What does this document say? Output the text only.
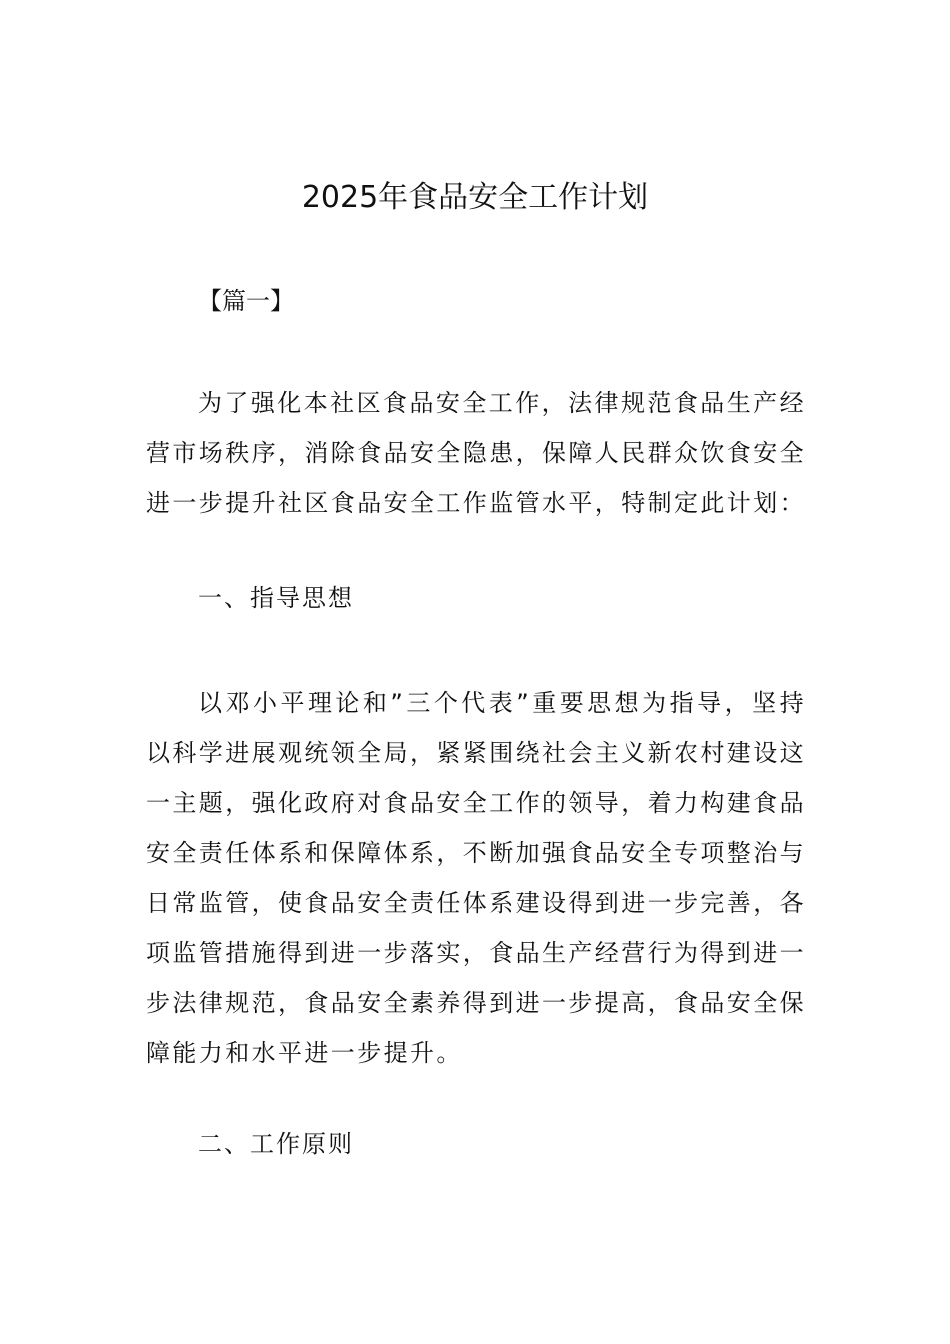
2025年食品安全工作计划
【篇一】

为了强化本社区食品安全工作，法律规范食品生产经营市场秩序，消除食品安全隐患，保障人民群众饮食安全进一步提升社区食品安全工作监管水平，特制定此计划：

一、指导思想

以邓小平理论和”三个代表”重要思想为指导，坚持以科学进展观统领全局，紧紧围绕社会主义新农村建设这一主题，强化政府对食品安全工作的领导，着力构建食品安全责任体系和保障体系，不断加强食品安全专项整治与日常监管，使食品安全责任体系建设得到进一步完善，各项监管措施得到进一步落实，食品生产经营行为得到进一步法律规范，食品安全素养得到进一步提高，食品安全保障能力和水平进一步提升。

二、工作原则
